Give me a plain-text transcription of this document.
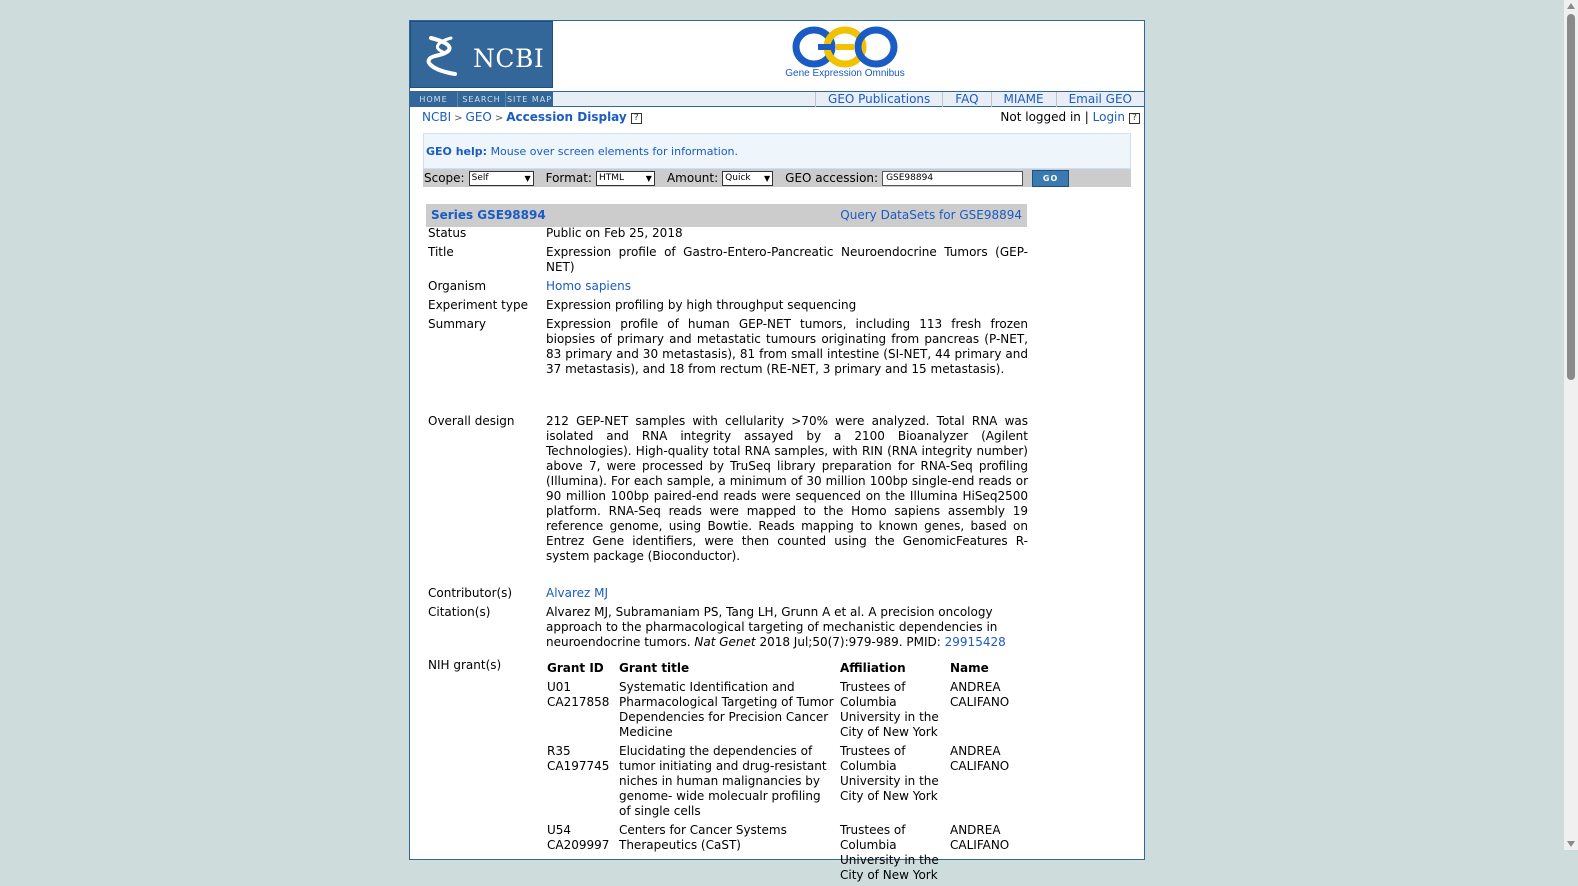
NCBI
Gene Expression Omnibus
HOME	SEARCH SITE MAP	GEO Publications	FAQ	MIAME	Email GEO
NCBI > GEO > Accession Display ?	Not logged in | Login ?
GEO help: Mouse over screen elements for information.
Scope: Self	▼ Format: HTML	▼ Amount: Quick ▼ GEO accession: GSE98894	GO
Series GSE98894	Query DataSets for GSE98894
Status	Public on Feb 25, 2018
Title	Expression profile of Gastro-Entero-Pancreatic Neuroendocrine Tumors (GEP-NET)
Organism	Homo sapiens
Experiment type	Expression profiling by high throughput sequencing
Summary	Expression profile of human GEP-NET tumors, including 113 fresh frozen biopsies of primary and metastatic tumours originating from pancreas (P-NET, 83 primary and 30 metastasis), 81 from small intestine (SI-NET, 44 primary and 37 metastasis), and 18 from rectum (RE-NET, 3 primary and 15 metastasis).
Overall design	212 GEP-NET samples with cellularity >70% were analyzed. Total RNA was isolated and RNA integrity assayed by a 2100 Bioanalyzer (Agilent Technologies). High-quality total RNA samples, with RIN (RNA integrity number) above 7, were processed by TruSeq library preparation for RNA-Seq profiling (Illumina). For each sample, a minimum of 30 million 100bp single-end reads or 90 million 100bp paired-end reads were sequenced on the Illumina HiSeq2500 platform. RNA-Seq reads were mapped to the Homo sapiens assembly 19 reference genome, using Bowtie. Reads mapping to known genes, based on Entrez Gene identifiers, were then counted using the GenomicFeatures R-system package (Bioconductor).
Contributor(s)	Alvarez MJ
Citation(s)	Alvarez MJ, Subramaniam PS, Tang LH, Grunn A et al. A precision oncology approach to the pharmacological targeting of mechanistic dependencies in neuroendocrine tumors. Nat Genet 2018 Jul;50(7):979-989. PMID: 29915428
NIH grant(s)	Grant ID	Grant title	Affiliation	Name
U01 CA217858	Systematic Identification and Pharmacological Targeting of Tumor Dependencies for Precision Cancer Medicine	Trustees of Columbia University in the City of New York	ANDREA CALIFANO
R35 CA197745	Elucidating the dependencies of tumor initiating and drug-resistant niches in human malignancies by genome- wide molecualr profiling of single cells	Trustees of Columbia University in the City of New York	ANDREA CALIFANO
U54 CA209997	Centers for Cancer Systems Therapeutics (CaST)	Trustees of Columbia University in the City of New York	ANDREA CALIFANO
